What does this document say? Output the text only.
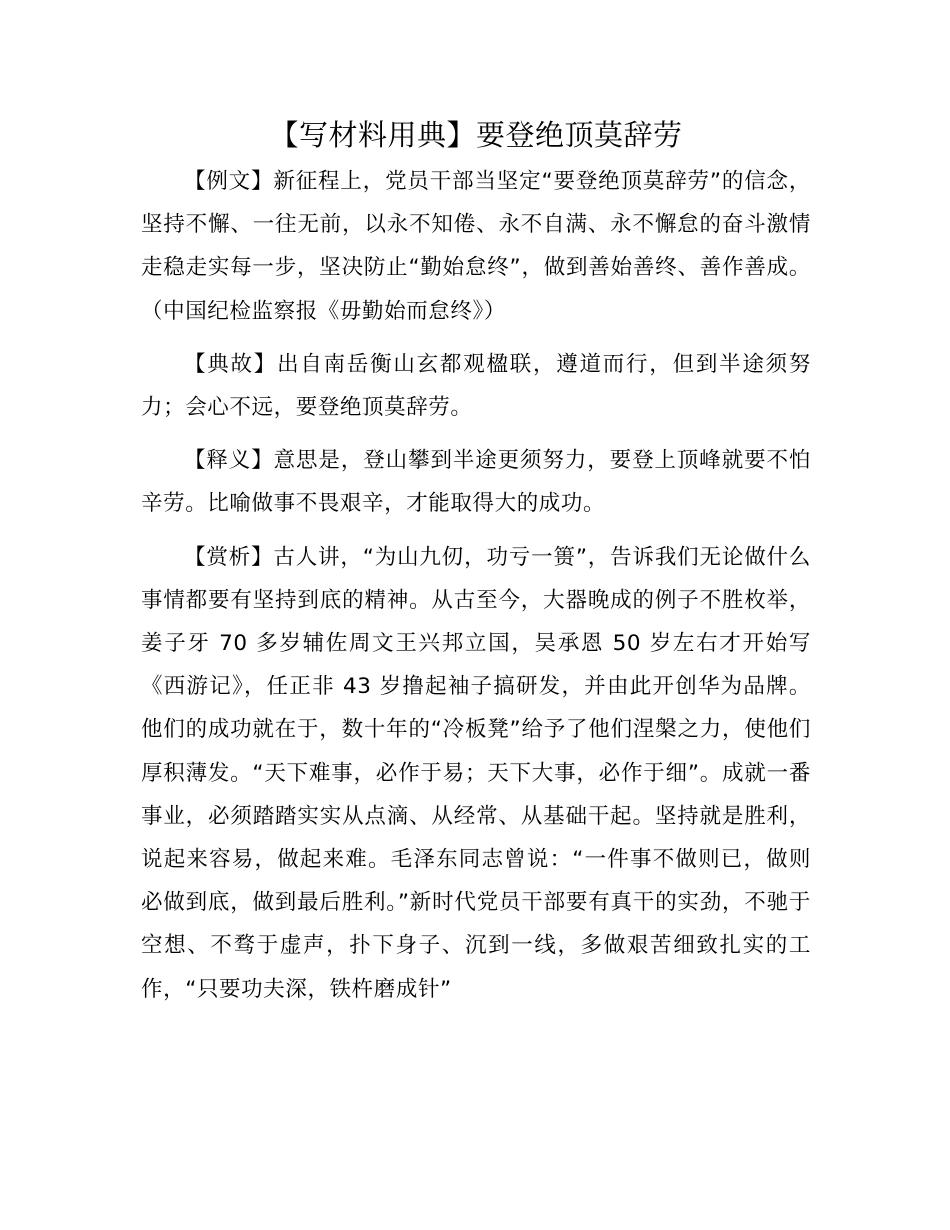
【写材料用典】要登绝顶莫辞劳

【例文】新征程上，党员干部当坚定“要登绝顶莫辞劳”的信念，坚持不懈、一往无前，以永不知倦、永不自满、永不懈怠的奋斗激情走稳走实每一步，坚决防止“勤始怠终”，做到善始善终、善作善成。（中国纪检监察报《毋勤始而怠终》）

【典故】出自南岳衡山玄都观楹联，遵道而行，但到半途须努力；会心不远，要登绝顶莫辞劳。

【释义】意思是，登山攀到半途更须努力，要登上顶峰就要不怕辛劳。比喻做事不畏艰辛，才能取得大的成功。

【赏析】古人讲，“为山九仞，功亏一篑”，告诉我们无论做什么事情都要有坚持到底的精神。从古至今，大器晚成的例子不胜枚举，姜子牙 70 多岁辅佐周文王兴邦立国，吴承恩 50 岁左右才开始写《西游记》，任正非 43 岁撸起袖子搞研发，并由此开创华为品牌。他们的成功就在于，数十年的“冷板凳”给予了他们涅槃之力，使他们厚积薄发。“天下难事，必作于易；天下大事，必作于细”。成就一番事业，必须踏踏实实从点滴、从经常、从基础干起。坚持就是胜利，说起来容易，做起来难。毛泽东同志曾说：“一件事不做则已，做则必做到底，做到最后胜利。”新时代党员干部要有真干的实劲，不驰于空想、不骛于虚声，扑下身子、沉到一线，多做艰苦细致扎实的工作，“只要功夫深，铁杵磨成针”
